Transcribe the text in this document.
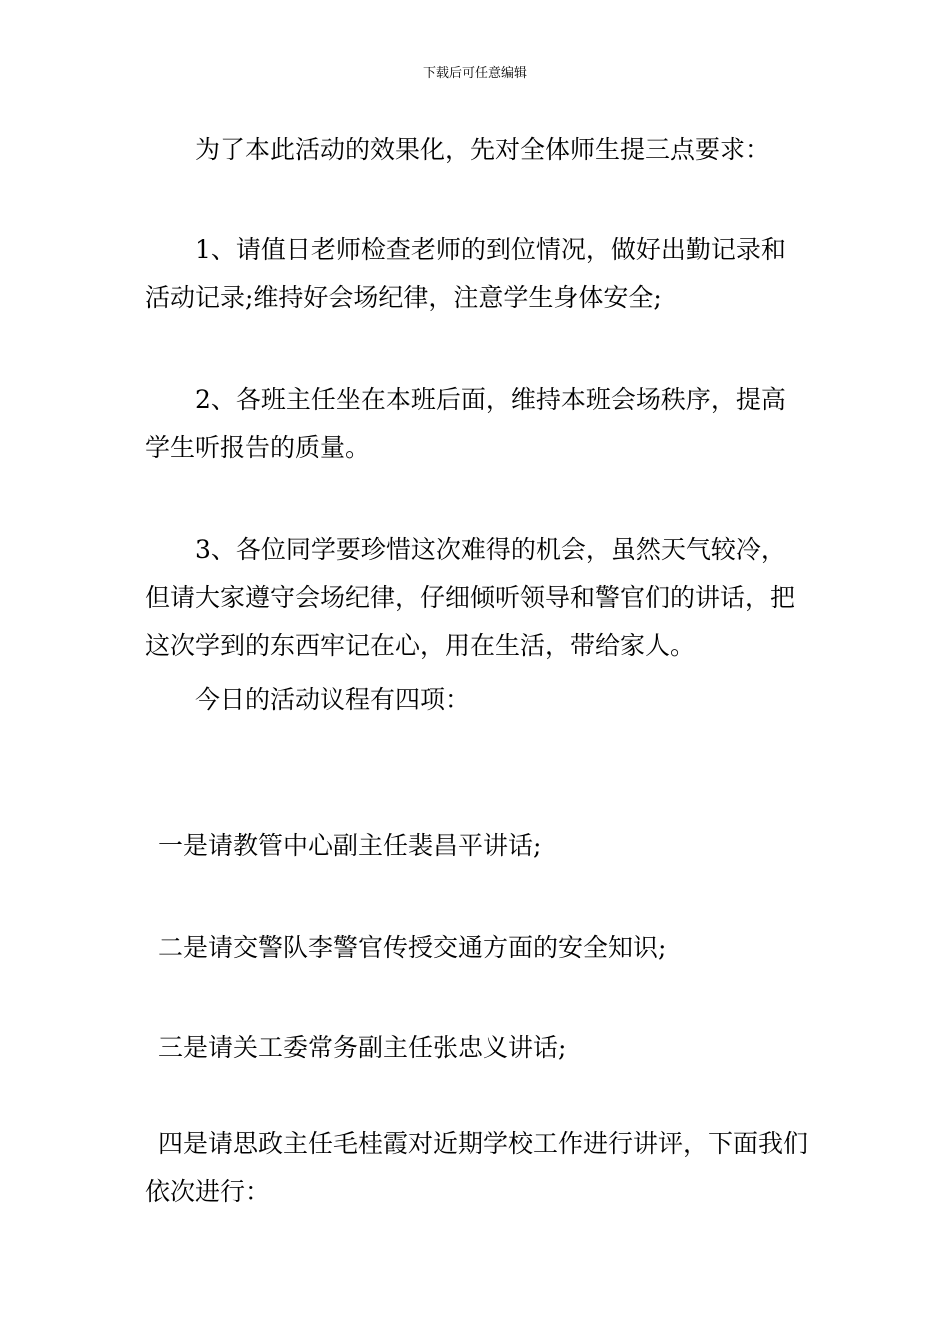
下载后可任意编辑

为了本此活动的效果化，先对全体师生提三点要求：

1、请值日老师检查老师的到位情况，做好出勤记录和活动记录;维持好会场纪律，注意学生身体安全;

2、各班主任坐在本班后面，维持本班会场秩序，提高学生听报告的质量。

3、各位同学要珍惜这次难得的机会，虽然天气较冷，但请大家遵守会场纪律，仔细倾听领导和警官们的讲话，把这次学到的东西牢记在心，用在生活，带给家人。

今日的活动议程有四项：

一是请教管中心副主任裴昌平讲话;

二是请交警队李警官传授交通方面的安全知识;

三是请关工委常务副主任张忠义讲话;

四是请思政主任毛桂霞对近期学校工作进行讲评，下面我们依次进行：
